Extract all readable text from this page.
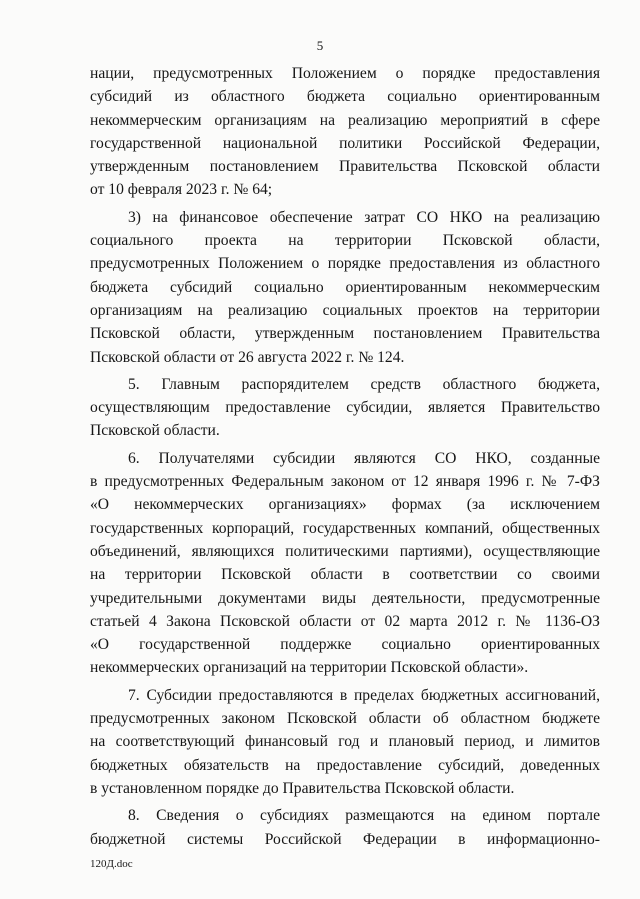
5
нации, предусмотренных Положением о порядке предоставления
субсидий из областного бюджета социально ориентированным
некоммерческим организациям на реализацию мероприятий в сфере
государственной национальной политики Российской Федерации,
утвержденным постановлением Правительства Псковской области
от 10 февраля 2023 г. № 64;
3) на финансовое обеспечение затрат СО НКО на реализацию
социального проекта на территории Псковской области,
предусмотренных Положением о порядке предоставления из областного
бюджета субсидий социально ориентированным некоммерческим
организациям на реализацию социальных проектов на территории
Псковской области, утвержденным постановлением Правительства
Псковской области от 26 августа 2022 г. № 124.
5. Главным распорядителем средств областного бюджета,
осуществляющим предоставление субсидии, является Правительство
Псковской области.
6. Получателями субсидии являются СО НКО, созданные
в предусмотренных Федеральным законом от 12 января 1996 г. № 7-ФЗ
«О некоммерческих организациях» формах (за исключением
государственных корпораций, государственных компаний, общественных
объединений, являющихся политическими партиями), осуществляющие
на территории Псковской области в соответствии со своими
учредительными документами виды деятельности, предусмотренные
статьей 4 Закона Псковской области от 02 марта 2012 г. № 1136-ОЗ
«О государственной поддержке социально ориентированных
некоммерческих организаций на территории Псковской области».
7. Субсидии предоставляются в пределах бюджетных ассигнований,
предусмотренных законом Псковской области об областном бюджете
на соответствующий финансовый год и плановый период, и лимитов
бюджетных обязательств на предоставление субсидий, доведенных
в установленном порядке до Правительства Псковской области.
8. Сведения о субсидиях размещаются на едином портале
бюджетной системы Российской Федерации в информационно-
120Д.doc
